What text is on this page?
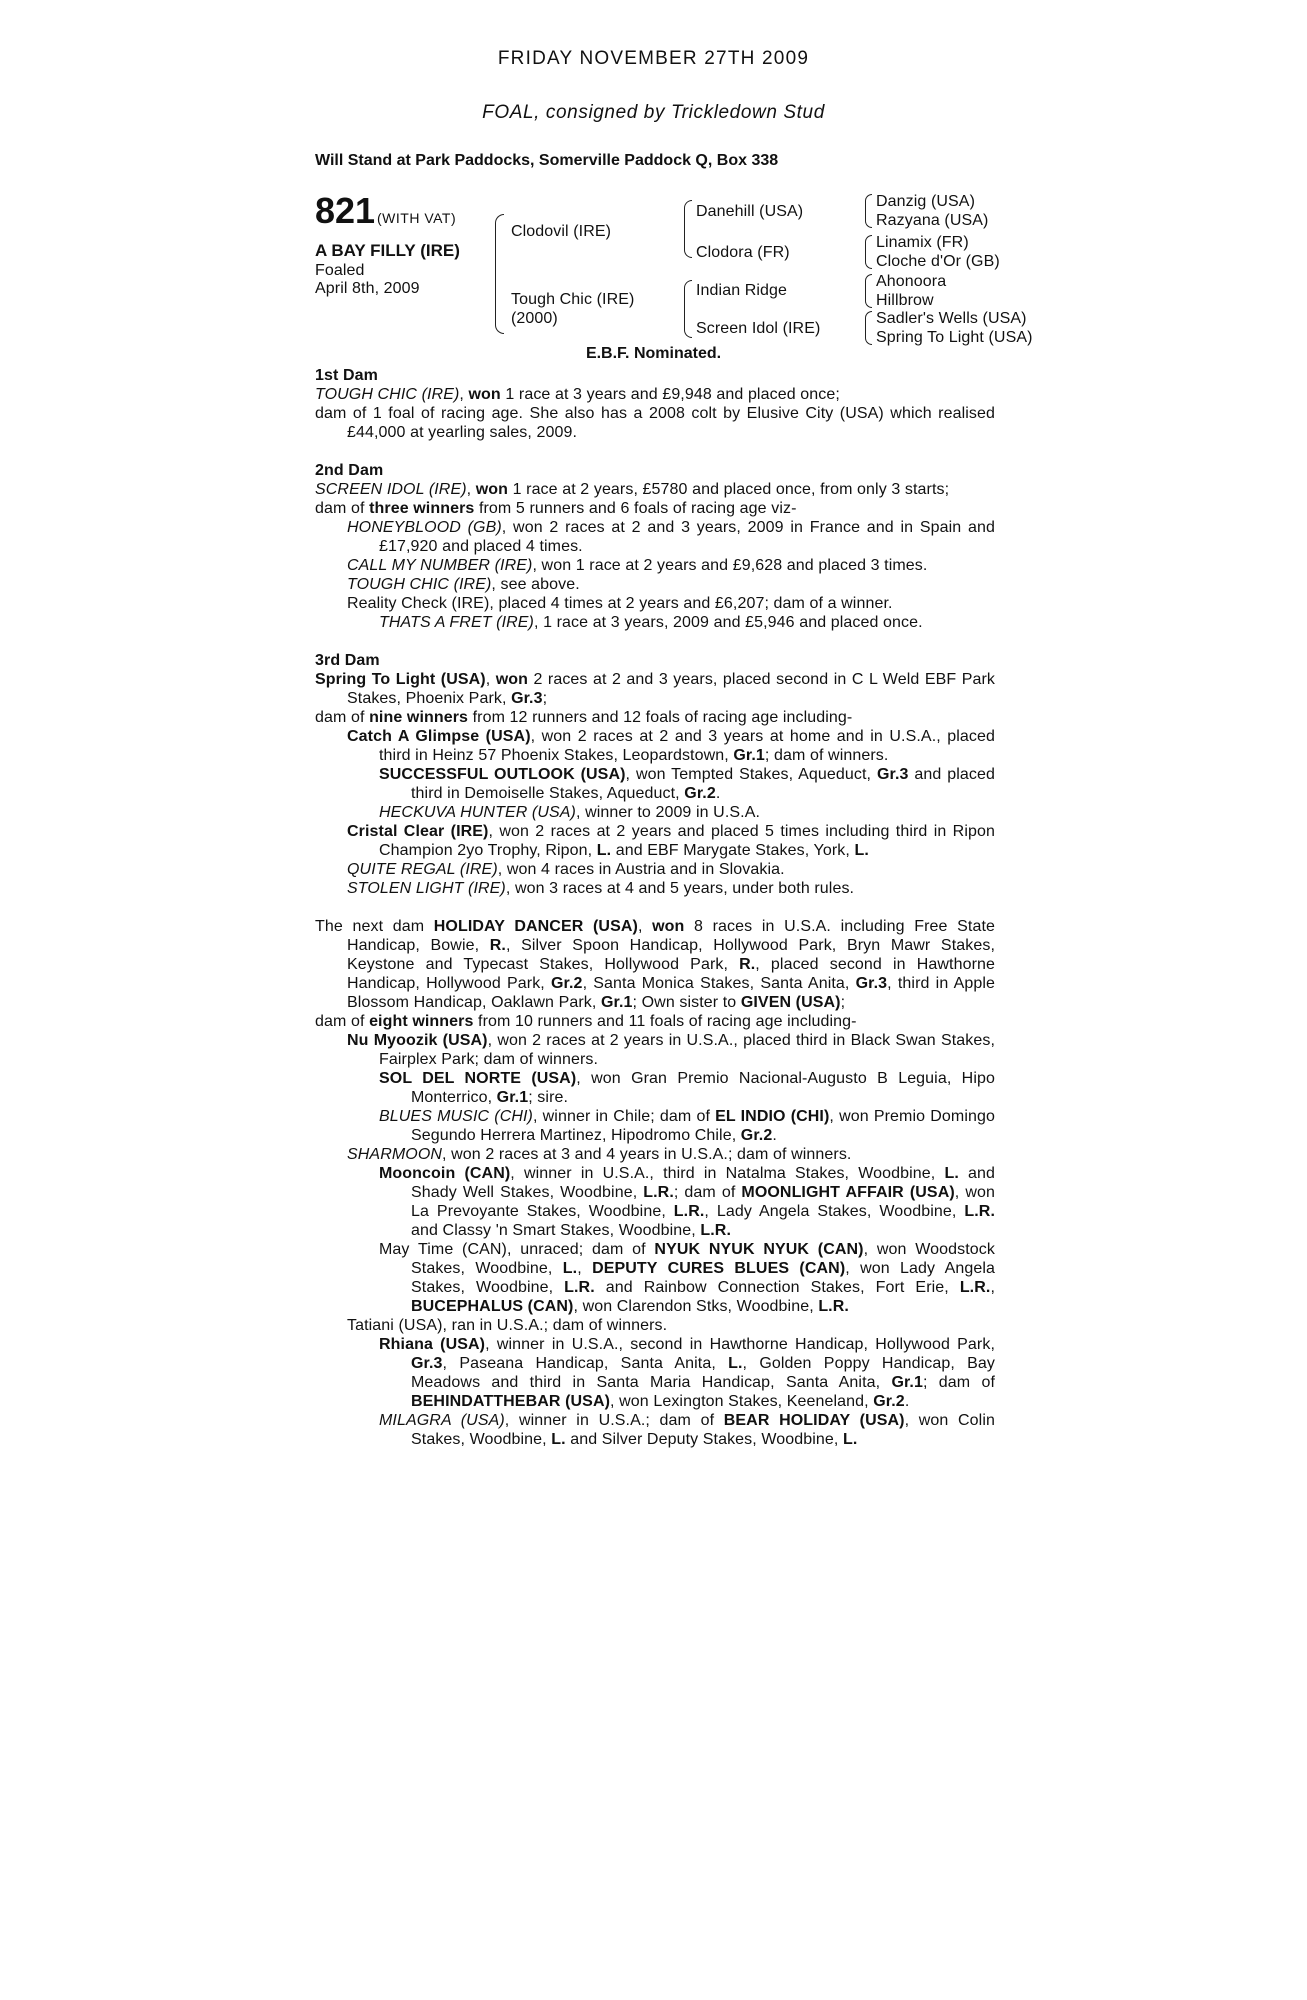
FRIDAY NOVEMBER 27TH 2009
FOAL, consigned by Trickledown Stud
Will Stand at Park Paddocks, Somerville Paddock Q, Box 338
821 (WITH VAT)
A BAY FILLY (IRE)
Foaled
April 8th, 2009
Clodovil (IRE)
Tough Chic (IRE)
(2000)
Danehill (USA)
Clodora (FR)
Indian Ridge
Screen Idol (IRE)
Danzig (USA)
Razyana (USA)
Linamix (FR)
Cloche d'Or (GB)
Ahonoora
Hillbrow
Sadler's Wells (USA)
Spring To Light (USA)
E.B.F. Nominated.
1st Dam
TOUGH CHIC (IRE), won 1 race at 3 years and £9,948 and placed once;
dam of 1 foal of racing age. She also has a 2008 colt by Elusive City (USA) which realised £44,000 at yearling sales, 2009.
2nd Dam
SCREEN IDOL (IRE), won 1 race at 2 years, £5780 and placed once, from only 3 starts;
dam of three winners from 5 runners and 6 foals of racing age viz-
HONEYBLOOD (GB), won 2 races at 2 and 3 years, 2009 in France and in Spain and £17,920 and placed 4 times.
CALL MY NUMBER (IRE), won 1 race at 2 years and £9,628 and placed 3 times.
TOUGH CHIC (IRE), see above.
Reality Check (IRE), placed 4 times at 2 years and £6,207; dam of a winner.
THATS A FRET (IRE), 1 race at 3 years, 2009 and £5,946 and placed once.
3rd Dam
Spring To Light (USA), won 2 races at 2 and 3 years, placed second in C L Weld EBF Park Stakes, Phoenix Park, Gr.3;
dam of nine winners from 12 runners and 12 foals of racing age including-
Catch A Glimpse (USA), won 2 races at 2 and 3 years at home and in U.S.A., placed third in Heinz 57 Phoenix Stakes, Leopardstown, Gr.1; dam of winners.
SUCCESSFUL OUTLOOK (USA), won Tempted Stakes, Aqueduct, Gr.3 and placed third in Demoiselle Stakes, Aqueduct, Gr.2.
HECKUVA HUNTER (USA), winner to 2009 in U.S.A.
Cristal Clear (IRE), won 2 races at 2 years and placed 5 times including third in Ripon Champion 2yo Trophy, Ripon, L. and EBF Marygate Stakes, York, L.
QUITE REGAL (IRE), won 4 races in Austria and in Slovakia.
STOLEN LIGHT (IRE), won 3 races at 4 and 5 years, under both rules.
The next dam HOLIDAY DANCER (USA), won 8 races in U.S.A. including Free State Handicap, Bowie, R., Silver Spoon Handicap, Hollywood Park, Bryn Mawr Stakes, Keystone and Typecast Stakes, Hollywood Park, R., placed second in Hawthorne Handicap, Hollywood Park, Gr.2, Santa Monica Stakes, Santa Anita, Gr.3, third in Apple Blossom Handicap, Oaklawn Park, Gr.1; Own sister to GIVEN (USA);
dam of eight winners from 10 runners and 11 foals of racing age including-
Nu Myoozik (USA), won 2 races at 2 years in U.S.A., placed third in Black Swan Stakes, Fairplex Park; dam of winners.
SOL DEL NORTE (USA), won Gran Premio Nacional-Augusto B Leguia, Hipo Monterrico, Gr.1; sire.
BLUES MUSIC (CHI), winner in Chile; dam of EL INDIO (CHI), won Premio Domingo Segundo Herrera Martinez, Hipodromo Chile, Gr.2.
SHARMOON, won 2 races at 3 and 4 years in U.S.A.; dam of winners.
Mooncoin (CAN), winner in U.S.A., third in Natalma Stakes, Woodbine, L. and Shady Well Stakes, Woodbine, L.R.; dam of MOONLIGHT AFFAIR (USA), won La Prevoyante Stakes, Woodbine, L.R., Lady Angela Stakes, Woodbine, L.R. and Classy 'n Smart Stakes, Woodbine, L.R.
May Time (CAN), unraced; dam of NYUK NYUK NYUK (CAN), won Woodstock Stakes, Woodbine, L., DEPUTY CURES BLUES (CAN), won Lady Angela Stakes, Woodbine, L.R. and Rainbow Connection Stakes, Fort Erie, L.R., BUCEPHALUS (CAN), won Clarendon Stks, Woodbine, L.R.
Tatiani (USA), ran in U.S.A.; dam of winners.
Rhiana (USA), winner in U.S.A., second in Hawthorne Handicap, Hollywood Park, Gr.3, Paseana Handicap, Santa Anita, L., Golden Poppy Handicap, Bay Meadows and third in Santa Maria Handicap, Santa Anita, Gr.1; dam of BEHINDATTHEBAR (USA), won Lexington Stakes, Keeneland, Gr.2.
MILAGRA (USA), winner in U.S.A.; dam of BEAR HOLIDAY (USA), won Colin Stakes, Woodbine, L. and Silver Deputy Stakes, Woodbine, L.
